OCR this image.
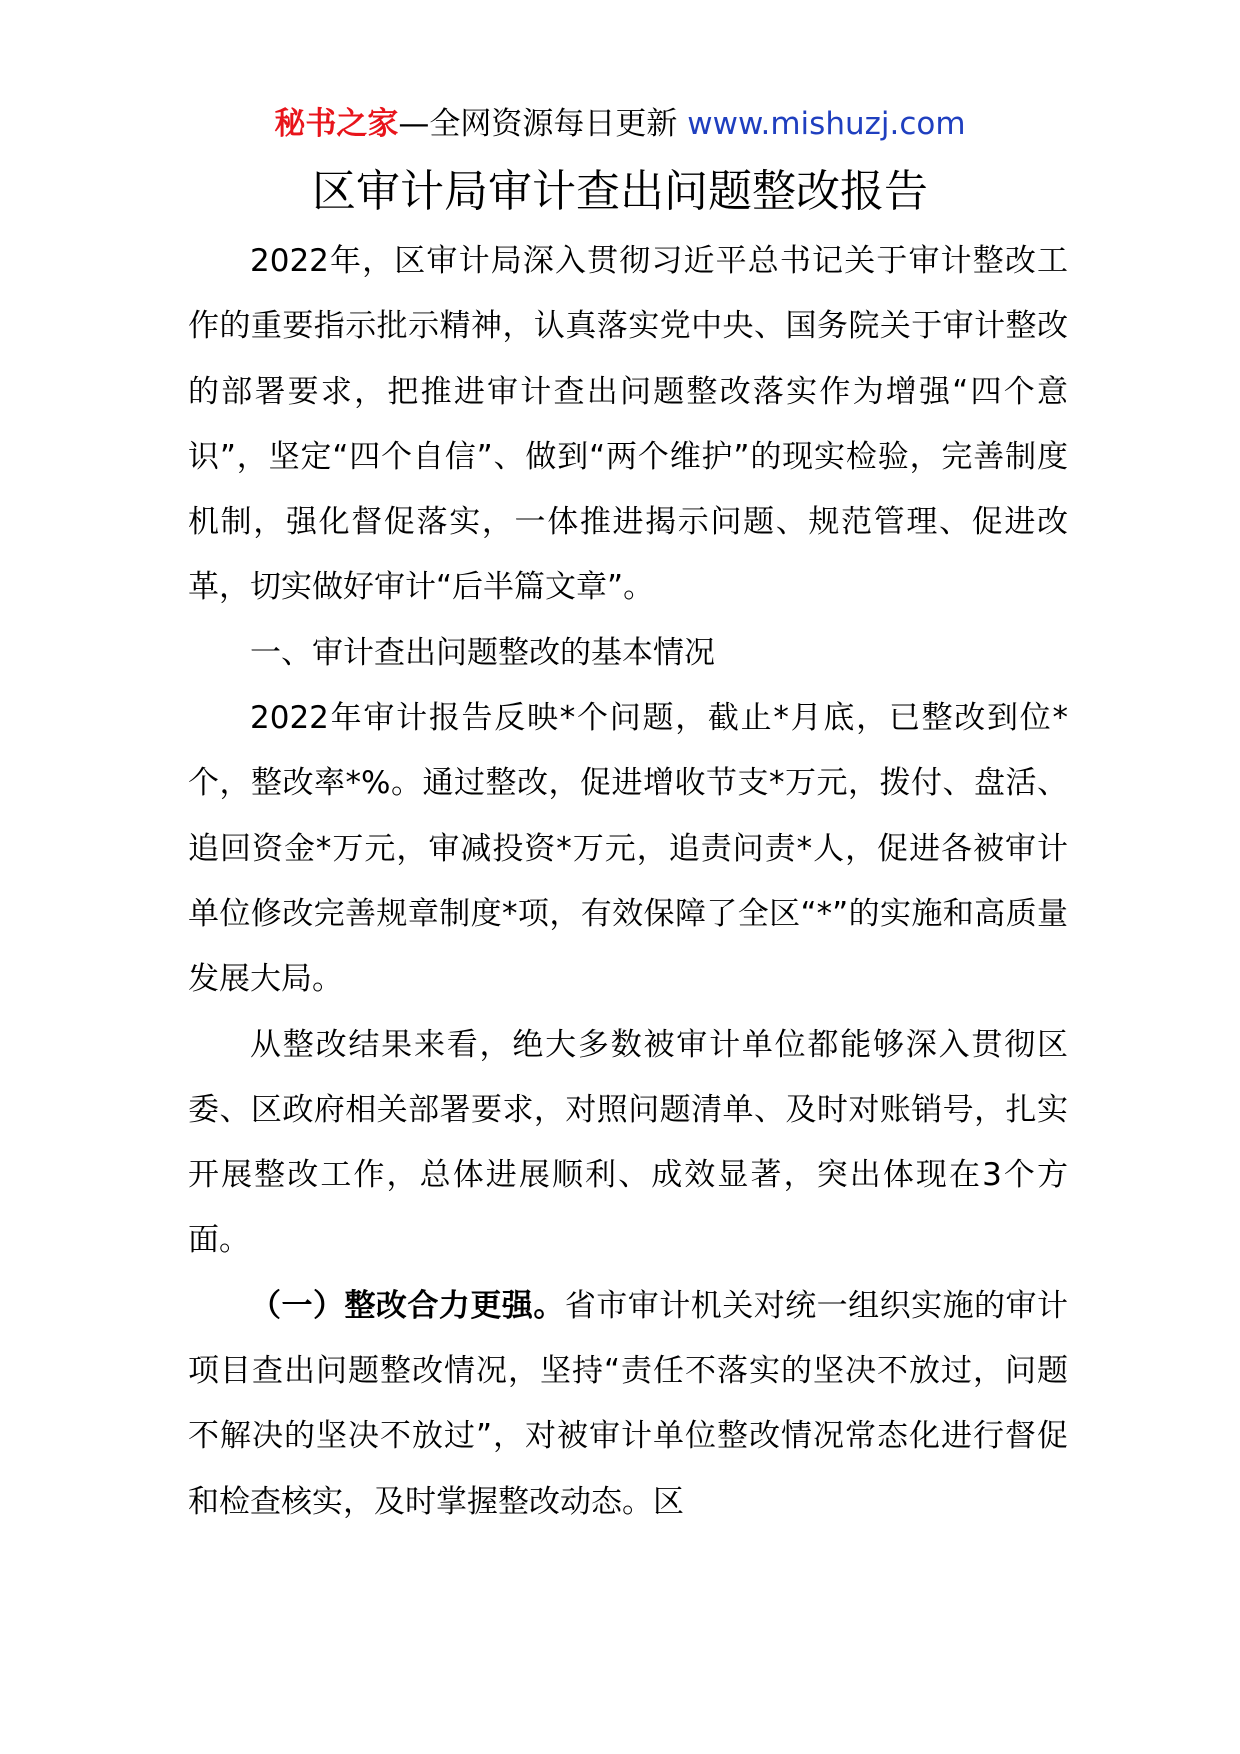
秘书之家—全网资源每日更新 www.mishuzj.com
区审计局审计查出问题整改报告

2022年，区审计局深入贯彻习近平总书记关于审计整改工作的重要指示批示精神，认真落实党中央、国务院关于审计整改的部署要求，把推进审计查出问题整改落实作为增强“四个意识”，坚定“四个自信”、做到“两个维护”的现实检验，完善制度机制，强化督促落实，一体推进揭示问题、规范管理、促进改革，切实做好审计“后半篇文章”。

一、审计查出问题整改的基本情况

2022年审计报告反映*个问题，截止*月底，已整改到位*个，整改率*%。通过整改，促进增收节支*万元，拨付、盘活、追回资金*万元，审减投资*万元，追责问责*人，促进各被审计单位修改完善规章制度*项，有效保障了全区“*”的实施和高质量发展大局。

从整改结果来看，绝大多数被审计单位都能够深入贯彻区委、区政府相关部署要求，对照问题清单、及时对账销号，扎实开展整改工作，总体进展顺利、成效显著，突出体现在3个方面。

（一）整改合力更强。省市审计机关对统一组织实施的审计项目查出问题整改情况，坚持“责任不落实的坚决不放过，问题不解决的坚决不放过”，对被审计单位整改情况常态化进行督促和检查核实，及时掌握整改动态。区
